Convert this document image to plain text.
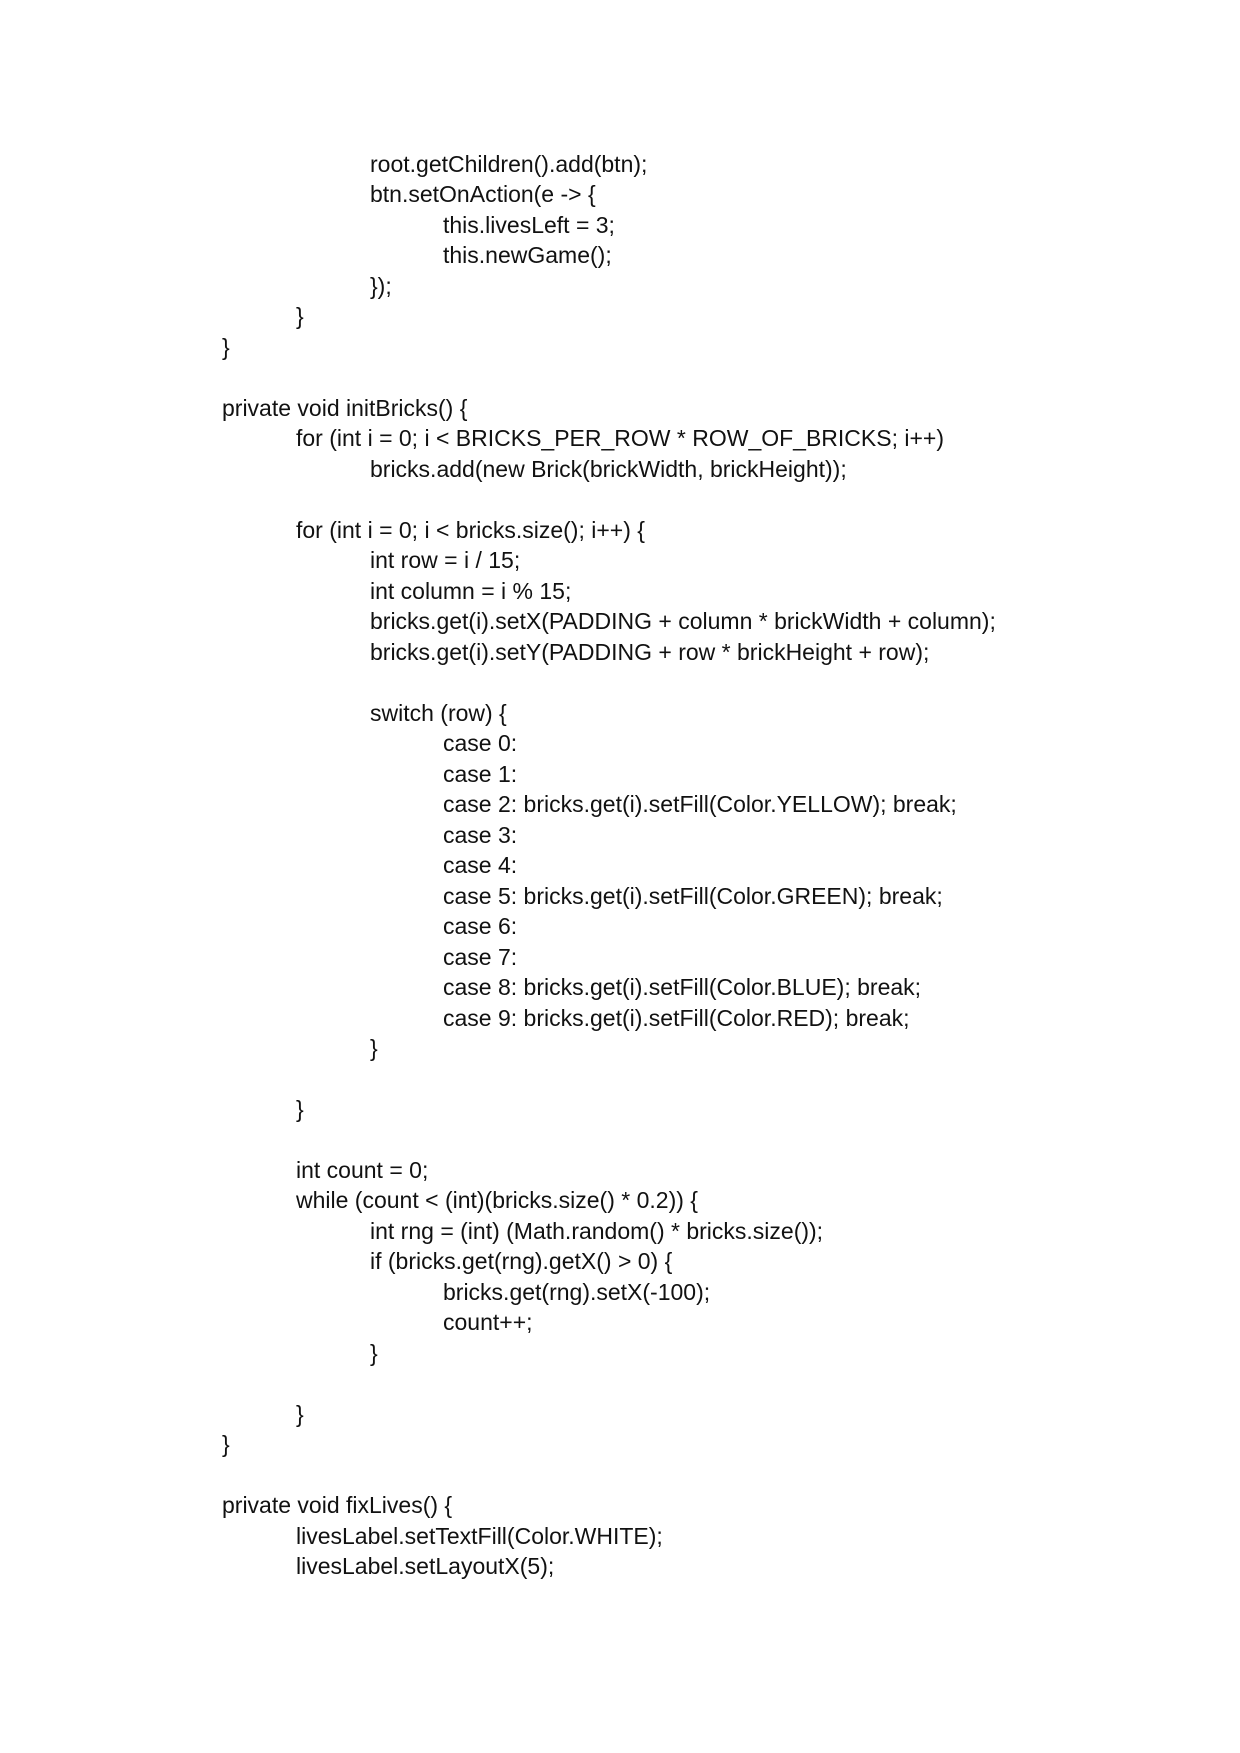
root.getChildren().add(btn);
btn.setOnAction(e -> {
this.livesLeft = 3;
this.newGame();
});
}
}
private void initBricks() {
for (int i = 0; i < BRICKS_PER_ROW * ROW_OF_BRICKS; i++)
bricks.add(new Brick(brickWidth, brickHeight));
for (int i = 0; i < bricks.size(); i++) {
int row = i / 15;
int column = i % 15;
bricks.get(i).setX(PADDING + column * brickWidth + column);
bricks.get(i).setY(PADDING + row * brickHeight + row);
switch (row) {
case 0:
case 1:
case 2: bricks.get(i).setFill(Color.YELLOW); break;
case 3:
case 4:
case 5: bricks.get(i).setFill(Color.GREEN); break;
case 6:
case 7:
case 8: bricks.get(i).setFill(Color.BLUE); break;
case 9: bricks.get(i).setFill(Color.RED); break;
}
}
int count = 0;
while (count < (int)(bricks.size() * 0.2)) {
int rng = (int) (Math.random() * bricks.size());
if (bricks.get(rng).getX() > 0) {
bricks.get(rng).setX(-100);
count++;
}
}
}
private void fixLives() {
livesLabel.setTextFill(Color.WHITE);
livesLabel.setLayoutX(5);
